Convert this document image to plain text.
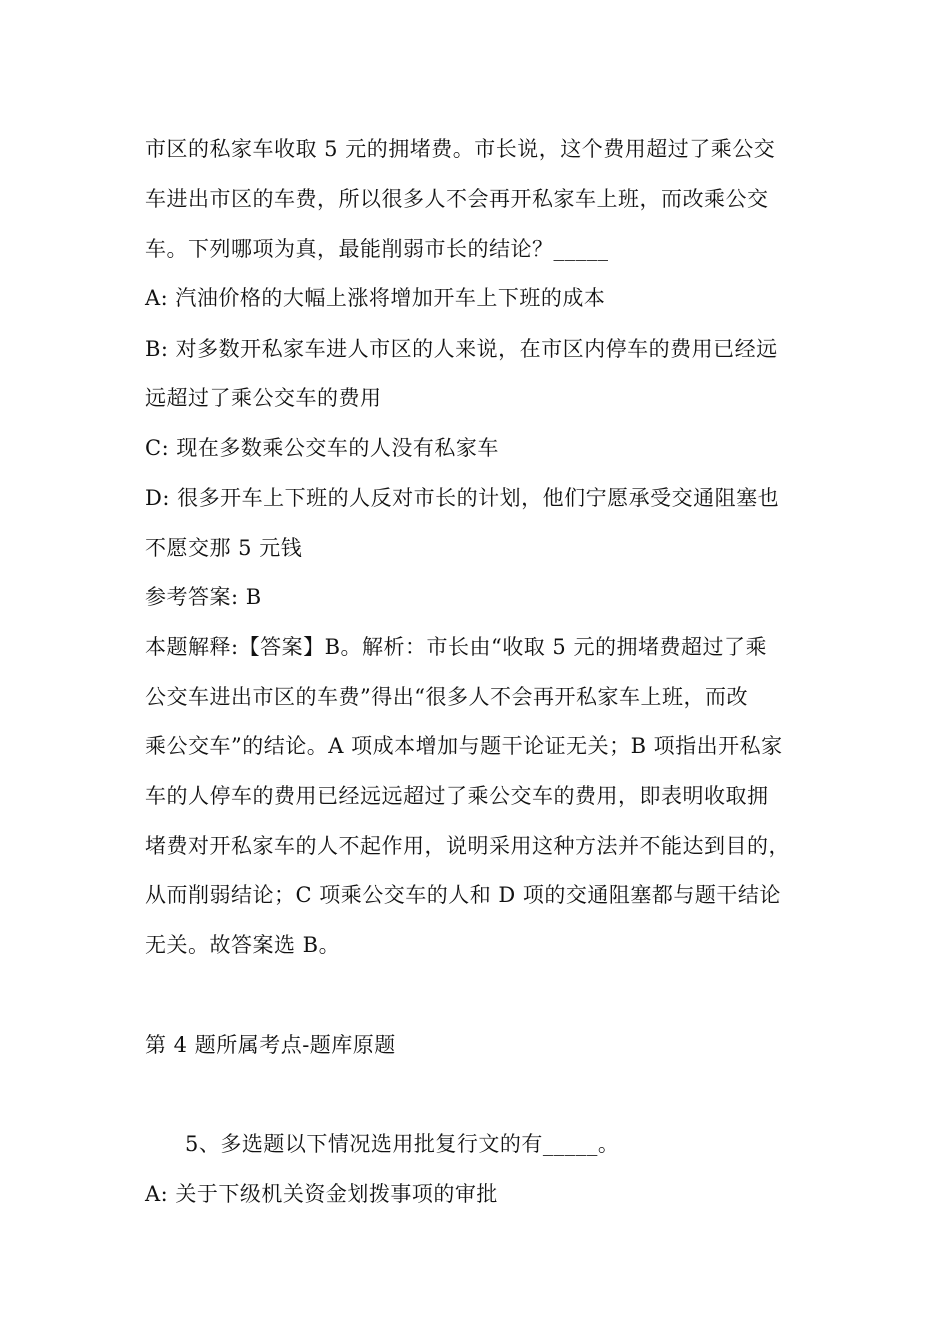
市区的私家车收取 5 元的拥堵费。市长说，这个费用超过了乘公交
车进出市区的车费，所以很多人不会再开私家车上班，而改乘公交
车。下列哪项为真，最能削弱市长的结论？_____
A: 汽油价格的大幅上涨将增加开车上下班的成本
B: 对多数开私家车进人市区的人来说，在市区内停车的费用已经远
远超过了乘公交车的费用
C: 现在多数乘公交车的人没有私家车
D: 很多开车上下班的人反对市长的计划，他们宁愿承受交通阻塞也
不愿交那 5 元钱
参考答案: B
本题解释:【答案】B。解析：市长由“收取 5 元的拥堵费超过了乘
公交车进出市区的车费”得出“很多人不会再开私家车上班，而改
乘公交车”的结论。A 项成本增加与题干论证无关；B 项指出开私家
车的人停车的费用已经远远超过了乘公交车的费用，即表明收取拥
堵费对开私家车的人不起作用，说明采用这种方法并不能达到目的，
从而削弱结论；C 项乘公交车的人和 D 项的交通阻塞都与题干结论
无关。故答案选 B。
第 4 题所属考点-题库原题
5、多选题以下情况选用批复行文的有_____。
A: 关于下级机关资金划拨事项的审批
